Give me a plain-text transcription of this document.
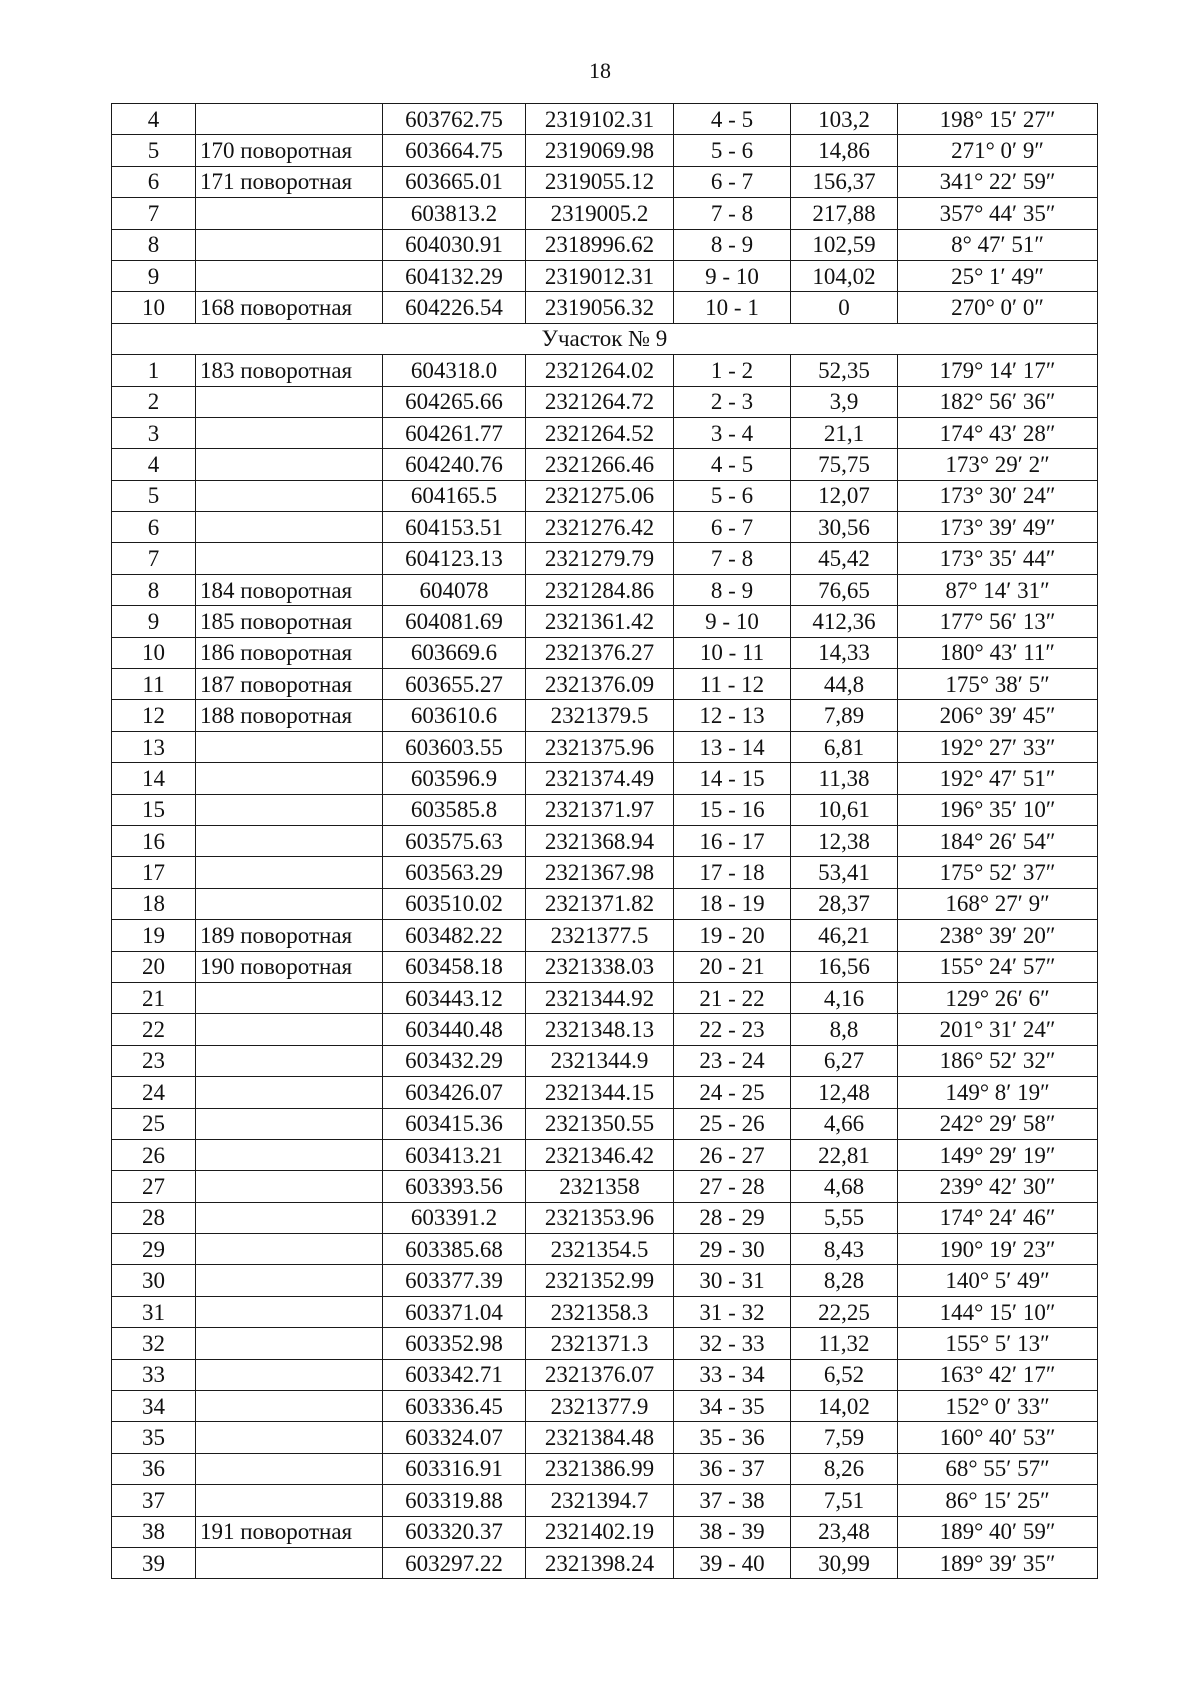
18
4		603762.75	2319102.31	4 - 5	103,2	198° 15′ 27″
5	170 поворотная	603664.75	2319069.98	5 - 6	14,86	271° 0′ 9″
6	171 поворотная	603665.01	2319055.12	6 - 7	156,37	341° 22′ 59″
7		603813.2	2319005.2	7 - 8	217,88	357° 44′ 35″
8		604030.91	2318996.62	8 - 9	102,59	8° 47′ 51″
9		604132.29	2319012.31	9 - 10	104,02	25° 1′ 49″
10	168 поворотная	604226.54	2319056.32	10 - 1	0	270° 0′ 0″
Участок № 9						
1	183 поворотная	604318.0	2321264.02	1 - 2	52,35	179° 14′ 17″
2		604265.66	2321264.72	2 - 3	3,9	182° 56′ 36″
3		604261.77	2321264.52	3 - 4	21,1	174° 43′ 28″
4		604240.76	2321266.46	4 - 5	75,75	173° 29′ 2″
5		604165.5	2321275.06	5 - 6	12,07	173° 30′ 24″
6		604153.51	2321276.42	6 - 7	30,56	173° 39′ 49″
7		604123.13	2321279.79	7 - 8	45,42	173° 35′ 44″
8	184 поворотная	604078	2321284.86	8 - 9	76,65	87° 14′ 31″
9	185 поворотная	604081.69	2321361.42	9 - 10	412,36	177° 56′ 13″
10	186 поворотная	603669.6	2321376.27	10 - 11	14,33	180° 43′ 11″
11	187 поворотная	603655.27	2321376.09	11 - 12	44,8	175° 38′ 5″
12	188 поворотная	603610.6	2321379.5	12 - 13	7,89	206° 39′ 45″
13		603603.55	2321375.96	13 - 14	6,81	192° 27′ 33″
14		603596.9	2321374.49	14 - 15	11,38	192° 47′ 51″
15		603585.8	2321371.97	15 - 16	10,61	196° 35′ 10″
16		603575.63	2321368.94	16 - 17	12,38	184° 26′ 54″
17		603563.29	2321367.98	17 - 18	53,41	175° 52′ 37″
18		603510.02	2321371.82	18 - 19	28,37	168° 27′ 9″
19	189 поворотная	603482.22	2321377.5	19 - 20	46,21	238° 39′ 20″
20	190 поворотная	603458.18	2321338.03	20 - 21	16,56	155° 24′ 57″
21		603443.12	2321344.92	21 - 22	4,16	129° 26′ 6″
22		603440.48	2321348.13	22 - 23	8,8	201° 31′ 24″
23		603432.29	2321344.9	23 - 24	6,27	186° 52′ 32″
24		603426.07	2321344.15	24 - 25	12,48	149° 8′ 19″
25		603415.36	2321350.55	25 - 26	4,66	242° 29′ 58″
26		603413.21	2321346.42	26 - 27	22,81	149° 29′ 19″
27		603393.56	2321358	27 - 28	4,68	239° 42′ 30″
28		603391.2	2321353.96	28 - 29	5,55	174° 24′ 46″
29		603385.68	2321354.5	29 - 30	8,43	190° 19′ 23″
30		603377.39	2321352.99	30 - 31	8,28	140° 5′ 49″
31		603371.04	2321358.3	31 - 32	22,25	144° 15′ 10″
32		603352.98	2321371.3	32 - 33	11,32	155° 5′ 13″
33		603342.71	2321376.07	33 - 34	6,52	163° 42′ 17″
34		603336.45	2321377.9	34 - 35	14,02	152° 0′ 33″
35		603324.07	2321384.48	35 - 36	7,59	160° 40′ 53″
36		603316.91	2321386.99	36 - 37	8,26	68° 55′ 57″
37		603319.88	2321394.7	37 - 38	7,51	86° 15′ 25″
38	191 поворотная	603320.37	2321402.19	38 - 39	23,48	189° 40′ 59″
39		603297.22	2321398.24	39 - 40	30,99	189° 39′ 35″
